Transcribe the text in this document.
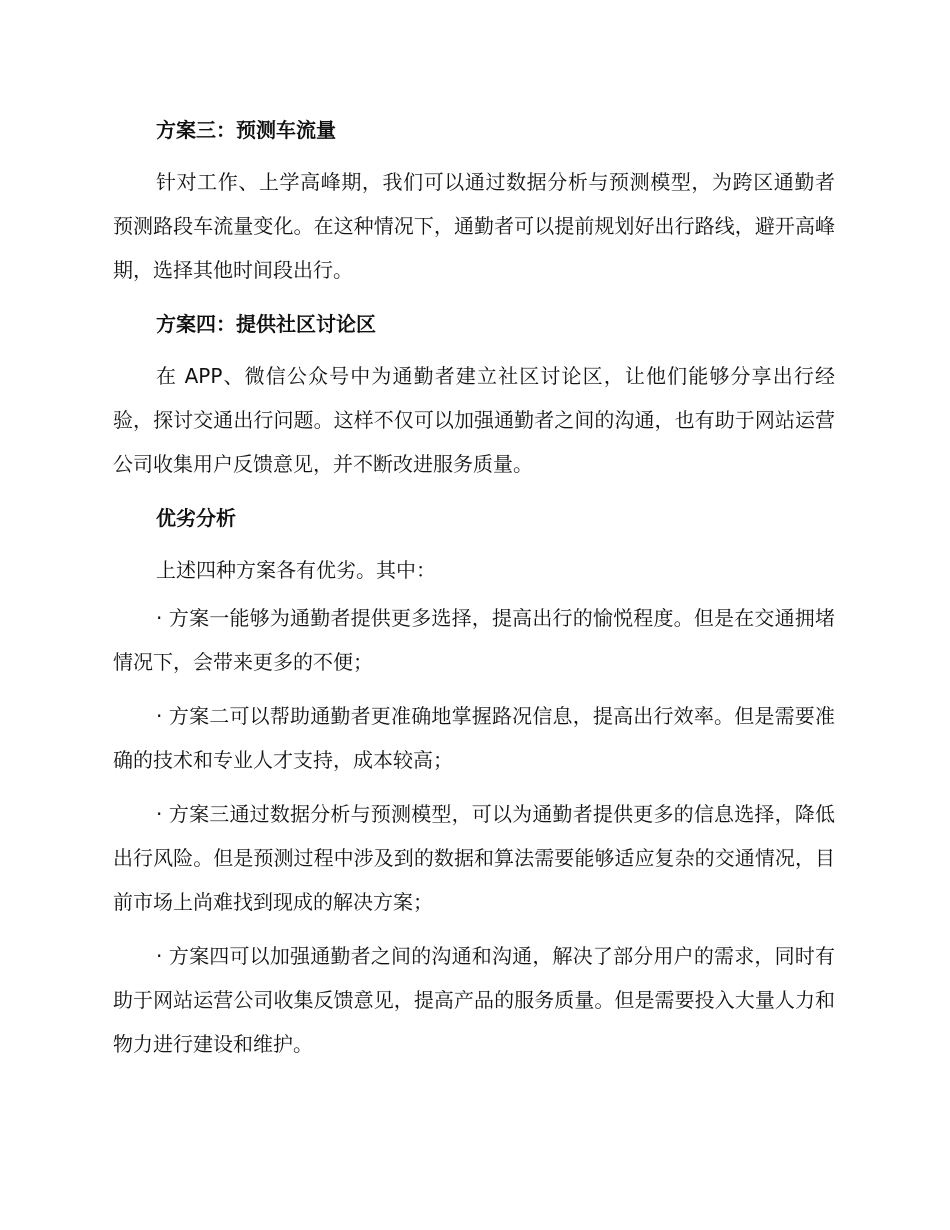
方案三：预测车流量
针对工作、上学高峰期，我们可以通过数据分析与预测模型，为跨区通勤者预测路段车流量变化。在这种情况下，通勤者可以提前规划好出行路线，避开高峰期，选择其他时间段出行。
方案四：提供社区讨论区
在 APP、微信公众号中为通勤者建立社区讨论区，让他们能够分享出行经验，探讨交通出行问题。这样不仅可以加强通勤者之间的沟通，也有助于网站运营公司收集用户反馈意见，并不断改进服务质量。
优劣分析
上述四种方案各有优劣。其中：
· 方案一能够为通勤者提供更多选择，提高出行的愉悦程度。但是在交通拥堵情况下，会带来更多的不便；
· 方案二可以帮助通勤者更准确地掌握路况信息，提高出行效率。但是需要准确的技术和专业人才支持，成本较高；
· 方案三通过数据分析与预测模型，可以为通勤者提供更多的信息选择，降低出行风险。但是预测过程中涉及到的数据和算法需要能够适应复杂的交通情况，目前市场上尚难找到现成的解决方案；
· 方案四可以加强通勤者之间的沟通和沟通，解决了部分用户的需求，同时有助于网站运营公司收集反馈意见，提高产品的服务质量。但是需要投入大量人力和物力进行建设和维护。
